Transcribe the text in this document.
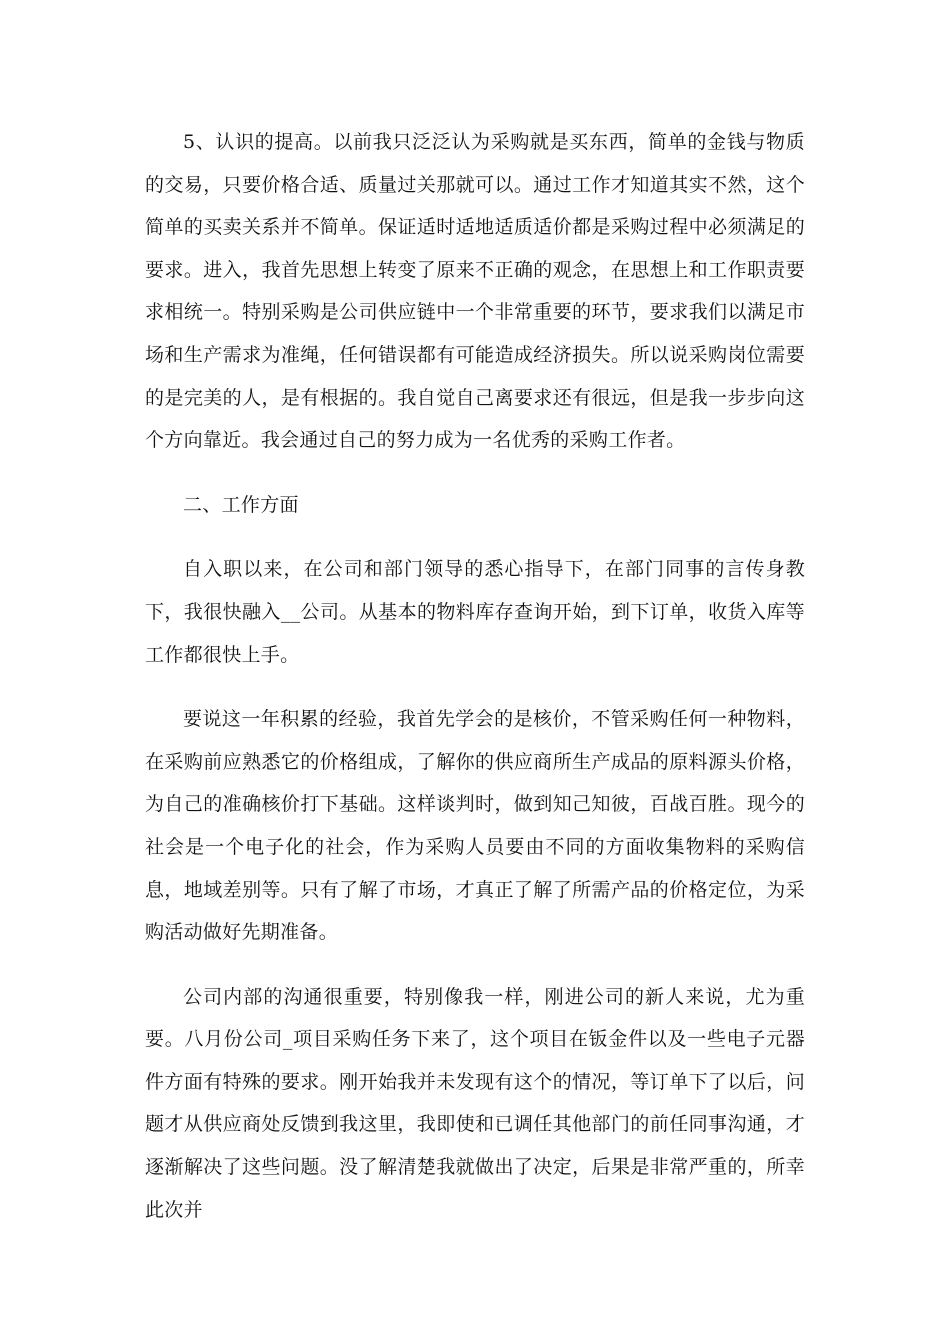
5、认识的提高。以前我只泛泛认为采购就是买东西，简单的金钱与物质的交易，只要价格合适、质量过关那就可以。通过工作才知道其实不然，这个简单的买卖关系并不简单。保证适时适地适质适价都是采购过程中必须满足的要求。进入，我首先思想上转变了原来不正确的观念，在思想上和工作职责要求相统一。特别采购是公司供应链中一个非常重要的环节，要求我们以满足市场和生产需求为准绳，任何错误都有可能造成经济损失。所以说采购岗位需要的是完美的人，是有根据的。我自觉自己离要求还有很远，但是我一步步向这个方向靠近。我会通过自己的努力成为一名优秀的采购工作者。

二、工作方面

自入职以来，在公司和部门领导的悉心指导下，在部门同事的言传身教下，我很快融入__公司。从基本的物料库存查询开始，到下订单，收货入库等工作都很快上手。

要说这一年积累的经验，我首先学会的是核价，不管采购任何一种物料，在采购前应熟悉它的价格组成，了解你的供应商所生产成品的原料源头价格，为自己的准确核价打下基础。这样谈判时，做到知己知彼，百战百胜。现今的社会是一个电子化的社会，作为采购人员要由不同的方面收集物料的采购信息，地域差别等。只有了解了市场，才真正了解了所需产品的价格定位，为采购活动做好先期准备。

公司内部的沟通很重要，特别像我一样，刚进公司的新人来说，尤为重要。八月份公司_项目采购任务下来了，这个项目在钣金件以及一些电子元器件方面有特殊的要求。刚开始我并未发现有这个的情况，等订单下了以后，问题才从供应商处反馈到我这里，我即使和已调任其他部门的前任同事沟通，才逐渐解决了这些问题。没了解清楚我就做出了决定，后果是非常严重的，所幸此次并
